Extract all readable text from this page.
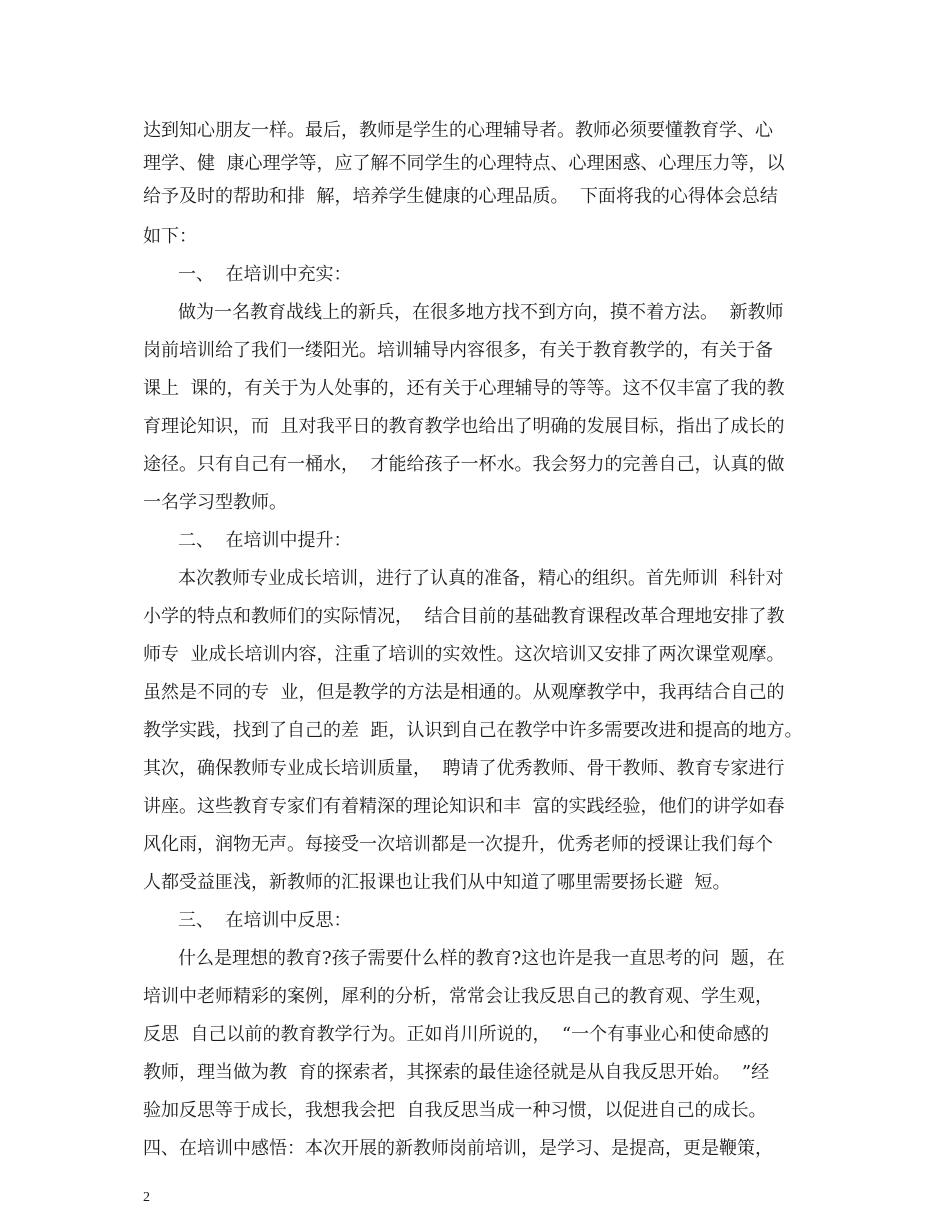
达到知心朋友一样。最后，教师是学生的心理辅导者。教师必须要懂教育学、心
理学、健  康心理学等，应了解不同学生的心理特点、心理困惑、心理压力等，以
给予及时的帮助和排  解，培养学生健康的心理品质。  下面将我的心得体会总结
如下：
一、  在培训中充实：
做为一名教育战线上的新兵，在很多地方找不到方向，摸不着方法。  新教师
岗前培训给了我们一缕阳光。培训辅导内容很多，有关于教育教学的，有关于备
课上  课的，有关于为人处事的，还有关于心理辅导的等等。这不仅丰富了我的教
育理论知识，而  且对我平日的教育教学也给出了明确的发展目标，指出了成长的
途径。只有自己有一桶水，  才能给孩子一杯水。我会努力的完善自己，认真的做
一名学习型教师。
二、  在培训中提升：
本次教师专业成长培训，进行了认真的准备，精心的组织。首先师训  科针对
小学的特点和教师们的实际情况，  结合目前的基础教育课程改革合理地安排了教
师专  业成长培训内容，注重了培训的实效性。这次培训又安排了两次课堂观摩。
虽然是不同的专  业，但是教学的方法是相通的。从观摩教学中，我再结合自己的
教学实践，找到了自己的差  距，认识到自己在教学中许多需要改进和提高的地方。
其次，确保教师专业成长培训质量，  聘请了优秀教师、骨干教师、教育专家进行
讲座。这些教育专家们有着精深的理论知识和丰  富的实践经验，他们的讲学如春
风化雨，润物无声。每接受一次培训都是一次提升，优秀老师的授课让我们每个
人都受益匪浅，新教师的汇报课也让我们从中知道了哪里需要扬长避  短。
三、  在培训中反思：
什么是理想的教育?孩子需要什么样的教育?这也许是我一直思考的问  题，在
培训中老师精彩的案例，犀利的分析，常常会让我反思自己的教育观、学生观，
反思  自己以前的教育教学行为。正如肖川所说的，  “一个有事业心和使命感的
教师，理当做为教  育的探索者，其探索的最佳途径就是从自我反思开始。  ”经
验加反思等于成长，我想我会把  自我反思当成一种习惯，以促进自己的成长。
四、在培训中感悟：本次开展的新教师岗前培训，是学习、是提高，更是鞭策，
2
